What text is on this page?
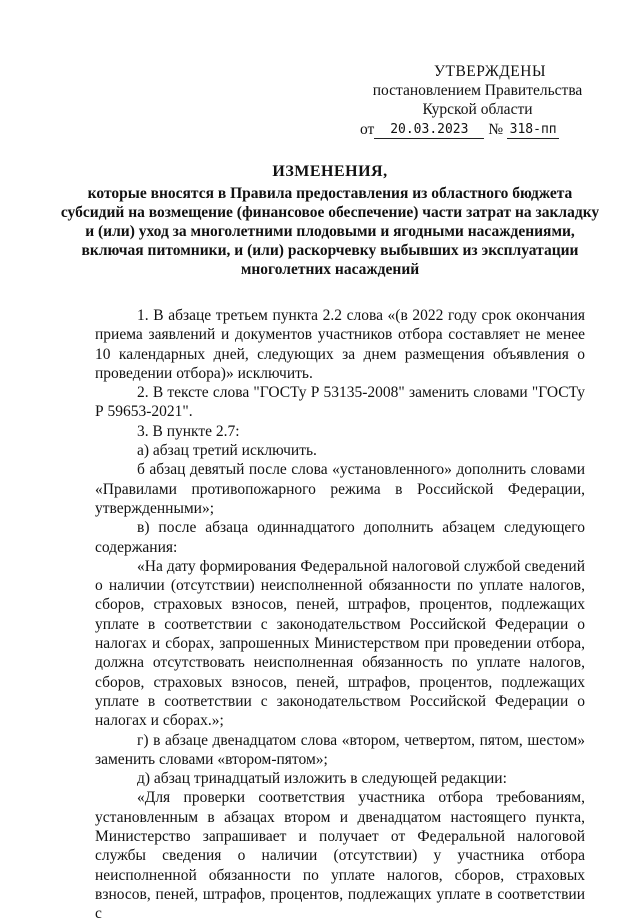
УТВЕРЖДЕНЫ
постановлением Правительства
Курской области
от	20.03.2023	№ 318-пп
ИЗМЕНЕНИЯ,
которые вносятся в Правила предоставления из областного бюджета субсидий на возмещение (финансовое обеспечение) части затрат на закладку и (или) уход за многолетними плодовыми и ягодными насаждениями, включая питомники, и (или) раскорчевку выбывших из эксплуатации многолетних насаждений

1. В абзаце третьем пункта 2.2 слова «(в 2022 году срок окончания приема заявлений и документов участников отбора составляет не менее 10 календарных дней, следующих за днем размещения объявления о проведении отбора)» исключить.

2. В тексте слова "ГОСТу Р 53135-2008" заменить словами "ГОСТу Р 59653-2021".

3. В пункте 2.7:

а) абзац третий исключить.

б абзац девятый после слова «установленного» дополнить словами «Правилами противопожарного режима в Российской Федерации, утвержденными»;

в) после абзаца одиннадцатого дополнить абзацем следующего содержания:

«На дату формирования Федеральной налоговой службой сведений о наличии (отсутствии) неисполненной обязанности по уплате налогов, сборов, страховых взносов, пеней, штрафов, процентов, подлежащих уплате в соответствии с законодательством Российской Федерации о налогах и сборах, запрошенных Министерством при проведении отбора, должна отсутствовать неисполненная обязанность по уплате налогов, сборов, страховых взносов, пеней, штрафов, процентов, подлежащих уплате в соответствии с законодательством Российской Федерации о налогах и сборах.»;

г) в абзаце двенадцатом слова «втором, четвертом, пятом, шестом» заменить словами «втором-пятом»;

д) абзац тринадцатый изложить в следующей редакции:

«Для проверки соответствия участника отбора требованиям, установленным в абзацах втором и двенадцатом настоящего пункта, Министерство запрашивает и получает от Федеральной налоговой службы сведения о наличии (отсутствии) у участника отбора неисполненной обязанности по уплате налогов, сборов, страховых взносов, пеней, штрафов, процентов, подлежащих уплате в соответствии с
